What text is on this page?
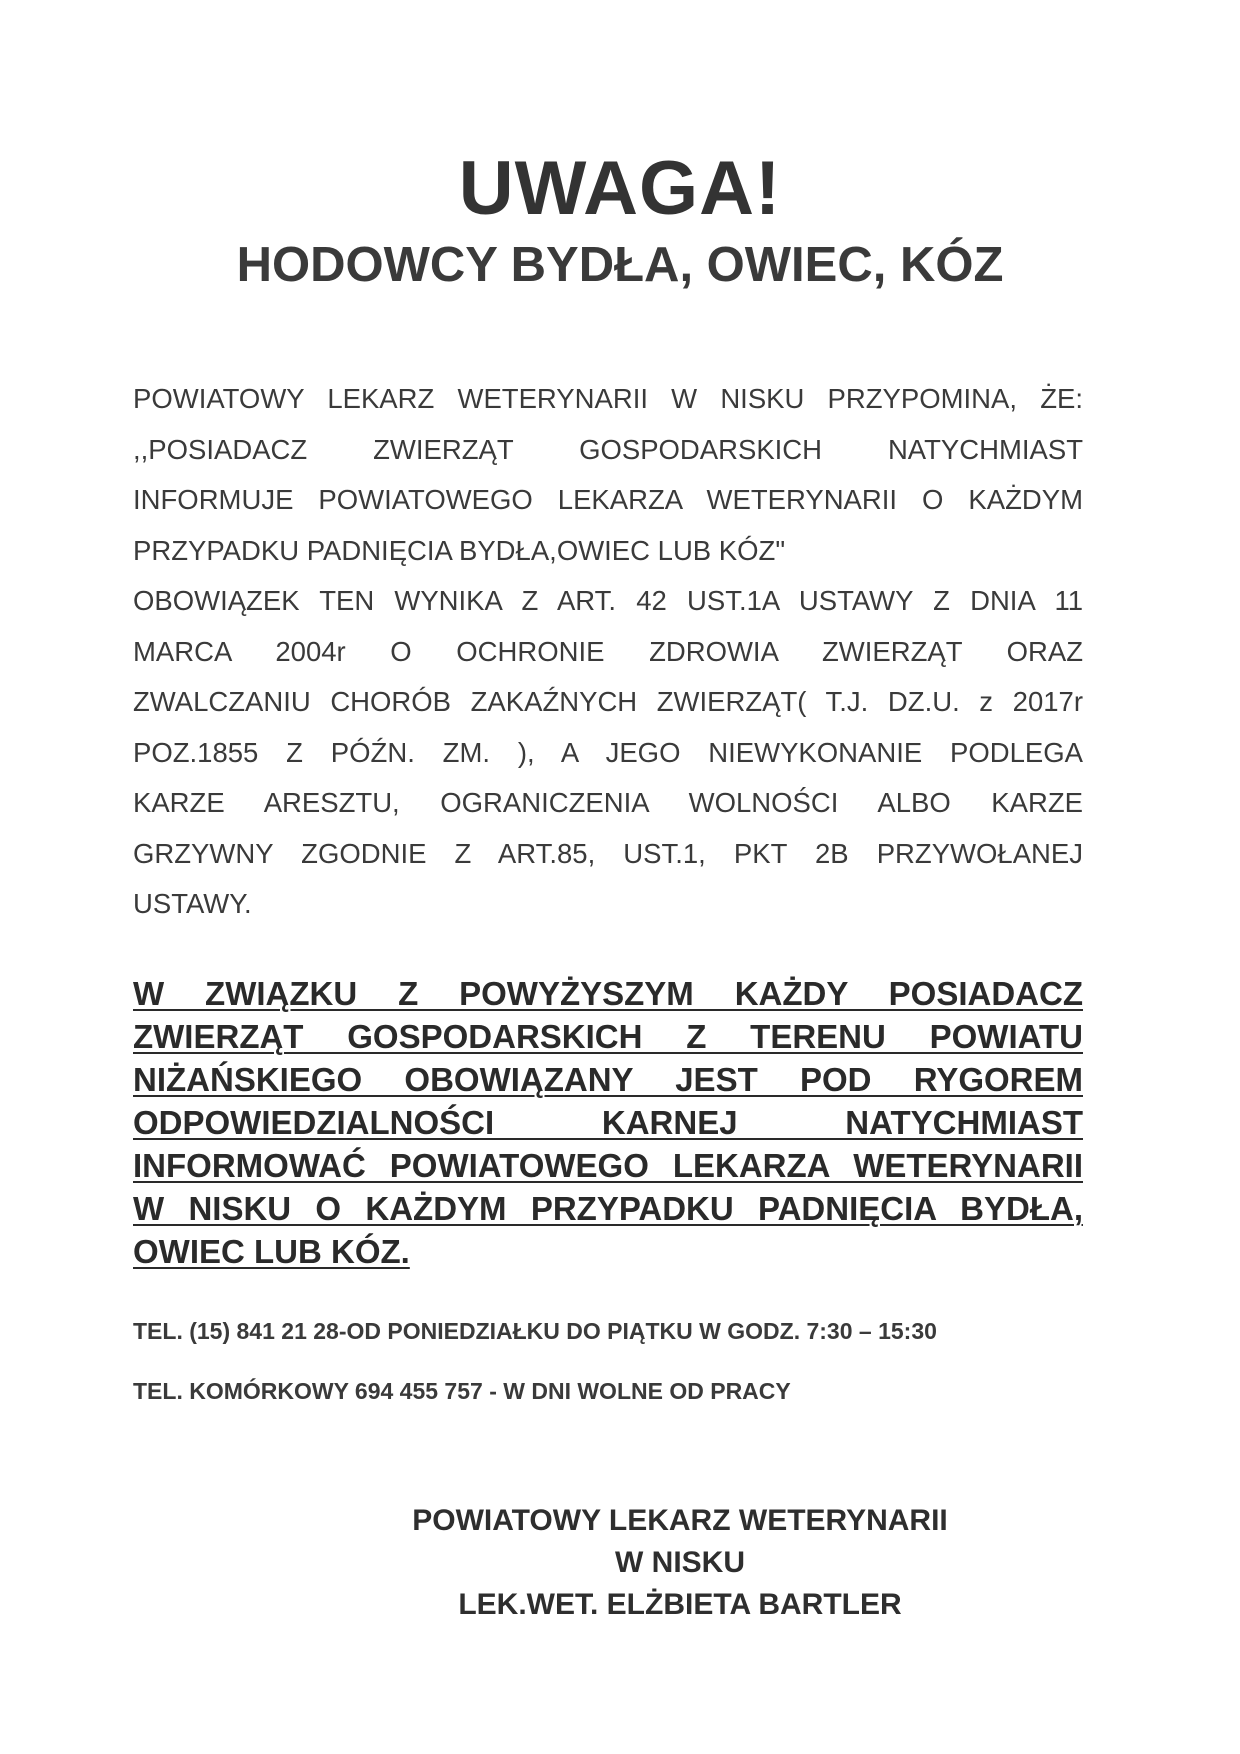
UWAGA!
HODOWCY BYDŁA, OWIEC, KÓZ

POWIATOWY LEKARZ WETERYNARII W NISKU PRZYPOMINA, ŻE:
,,POSIADACZ ZWIERZĄT GOSPODARSKICH NATYCHMIAST
INFORMUJE POWIATOWEGO LEKARZA WETERYNARII O KAŻDYM
PRZYPADKU PADNIĘCIA BYDŁA,OWIEC LUB KÓZ"
OBOWIĄZEK TEN WYNIKA Z ART. 42 UST.1A USTAWY Z DNIA 11
MARCA 2004r O OCHRONIE ZDROWIA ZWIERZĄT ORAZ
ZWALCZANIU CHORÓB ZAKAŹNYCH ZWIERZĄT( T.J. DZ.U. z 2017r
POZ.1855 Z PÓŹN. ZM. ), A JEGO NIEWYKONANIE PODLEGA
KARZE ARESZTU, OGRANICZENIA WOLNOŚCI ALBO KARZE
GRZYWNY ZGODNIE Z ART.85, UST.1, PKT 2B PRZYWOŁANEJ
USTAWY.

W ZWIĄZKU Z POWYŻYSZYM KAŻDY POSIADACZ
ZWIERZĄT GOSPODARSKICH Z TERENU POWIATU
NIŻAŃSKIEGO OBOWIĄZANY JEST POD RYGOREM
ODPOWIEDZIALNOŚCI KARNEJ NATYCHMIAST
INFORMOWAĆ POWIATOWEGO LEKARZA WETERYNARII
W NISKU O KAŻDYM PRZYPADKU PADNIĘCIA BYDŁA,
OWIEC LUB KÓZ.

TEL. (15) 841 21 28-OD PONIEDZIAŁKU DO PIĄTKU W GODZ. 7:30 – 15:30

TEL. KOMÓRKOWY 694 455 757 - W DNI WOLNE OD PRACY

POWIATOWY LEKARZ WETERYNARII
W NISKU
LEK.WET. ELŻBIETA BARTLER
